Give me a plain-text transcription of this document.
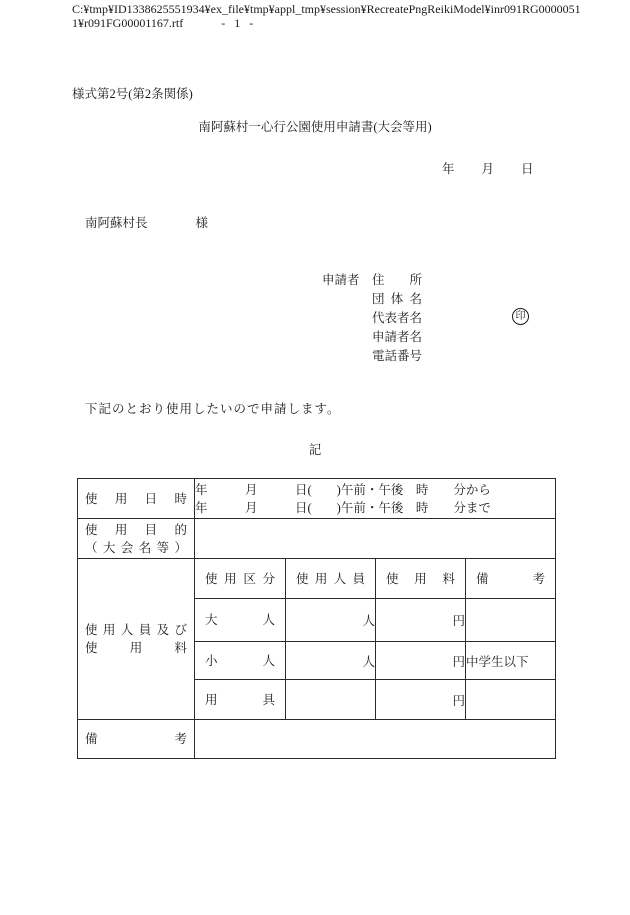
C:¥tmp¥ID1338625551934¥ex_file¥tmp¥appl_tmp¥session¥RecreatePngReikiModel¥inr091RG0000051
1¥r091FG00001167.rtf	- 1 -
様式第2号(第2条関係)
南阿蘇村一心行公園使用申請書(大会等用)
年 月 日
南阿蘇村長	様
申請者 住所
団体名
代表者名
申請者名
電話番号
印
下記のとおり使用したいので申請します。
記
使用日時	年　　　月　　　日(　　)午前・午後　時　　分から
年　　　月　　　日(　　)午前・午後　時　　分まで			

使用目的
（大会名等）				

使用人員及び
使用料	使用区分	使用人員	使用料	備考

	大人	人	円	

	小人	人	円	中学生以下

	用具		円	

備考				
